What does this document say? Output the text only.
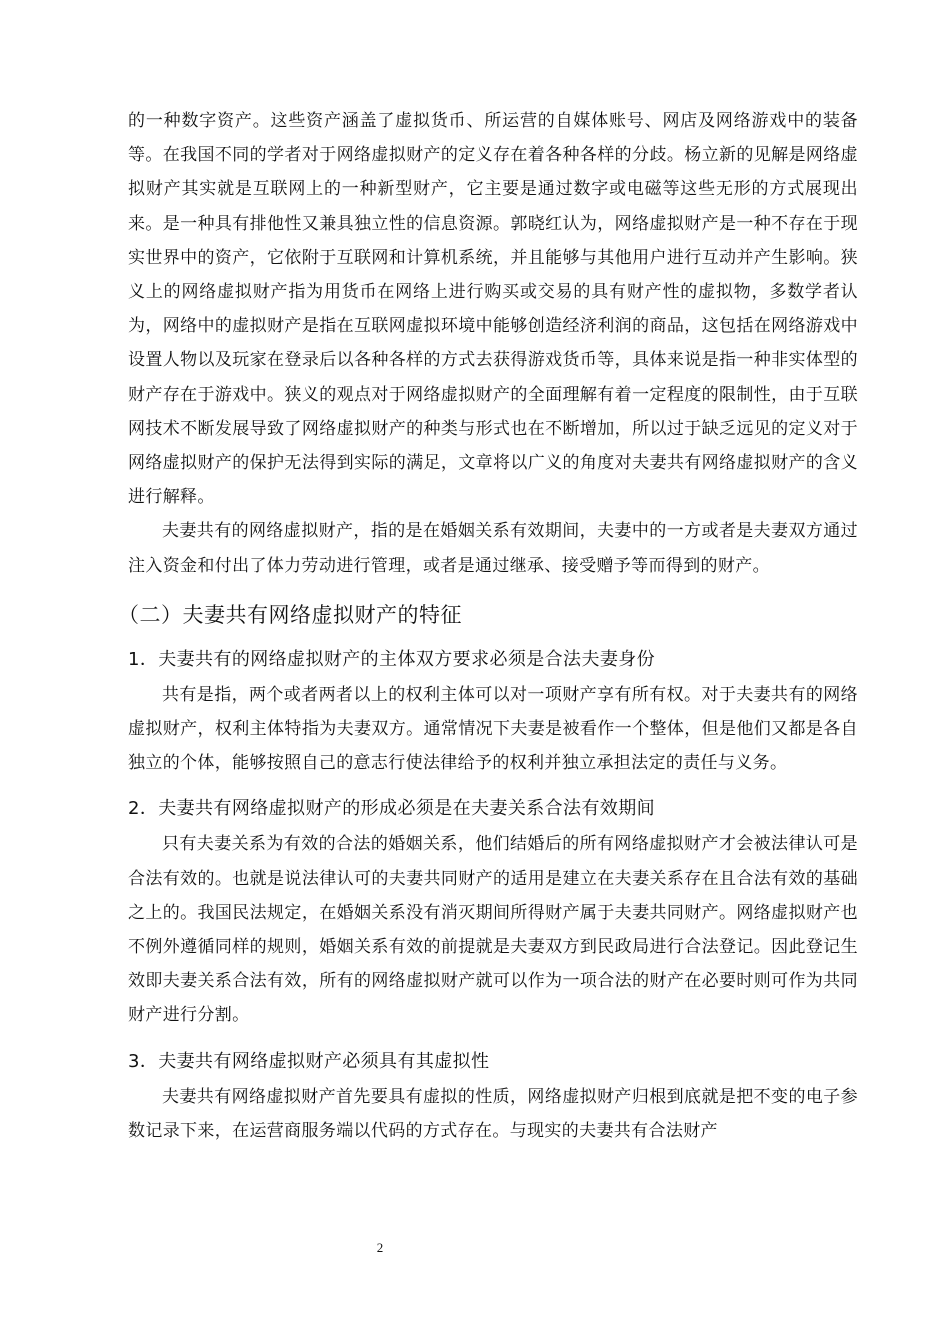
的一种数字资产。这些资产涵盖了虚拟货币、所运营的自媒体账号、网店及网络游戏中的装备等。在我国不同的学者对于网络虚拟财产的定义存在着各种各样的分歧。杨立新的见解是网络虚拟财产其实就是互联网上的一种新型财产，它主要是通过数字或电磁等这些无形的方式展现出来。是一种具有排他性又兼具独立性的信息资源。郭晓红认为，网络虚拟财产是一种不存在于现实世界中的资产，它依附于互联网和计算机系统，并且能够与其他用户进行互动并产生影响。狭义上的网络虚拟财产指为用货币在网络上进行购买或交易的具有财产性的虚拟物，多数学者认为，网络中的虚拟财产是指在互联网虚拟环境中能够创造经济利润的商品，这包括在网络游戏中设置人物以及玩家在登录后以各种各样的方式去获得游戏货币等，具体来说是指一种非实体型的财产存在于游戏中。狭义的观点对于网络虚拟财产的全面理解有着一定程度的限制性，由于互联网技术不断发展导致了网络虚拟财产的种类与形式也在不断增加，所以过于缺乏远见的定义对于网络虚拟财产的保护无法得到实际的满足，文章将以广义的角度对夫妻共有网络虚拟财产的含义进行解释。

夫妻共有的网络虚拟财产，指的是在婚姻关系有效期间，夫妻中的一方或者是夫妻双方通过注入资金和付出了体力劳动进行管理，或者是通过继承、接受赠予等而得到的财产。

（二）夫妻共有网络虚拟财产的特征
1．夫妻共有的网络虚拟财产的主体双方要求必须是合法夫妻身份

共有是指，两个或者两者以上的权利主体可以对一项财产享有所有权。对于夫妻共有的网络虚拟财产，权利主体特指为夫妻双方。通常情况下夫妻是被看作一个整体，但是他们又都是各自独立的个体，能够按照自己的意志行使法律给予的权利并独立承担法定的责任与义务。

2．夫妻共有网络虚拟财产的形成必须是在夫妻关系合法有效期间

只有夫妻关系为有效的合法的婚姻关系，他们结婚后的所有网络虚拟财产才会被法律认可是合法有效的。也就是说法律认可的夫妻共同财产的适用是建立在夫妻关系存在且合法有效的基础之上的。我国民法规定，在婚姻关系没有消灭期间所得财产属于夫妻共同财产。网络虚拟财产也不例外遵循同样的规则，婚姻关系有效的前提就是夫妻双方到民政局进行合法登记。因此登记生效即夫妻关系合法有效，所有的网络虚拟财产就可以作为一项合法的财产在必要时则可作为共同财产进行分割。

3．夫妻共有网络虚拟财产必须具有其虚拟性

夫妻共有网络虚拟财产首先要具有虚拟的性质，网络虚拟财产归根到底就是把不变的电子参数记录下来，在运营商服务端以代码的方式存在。与现实的夫妻共有合法财产

2
